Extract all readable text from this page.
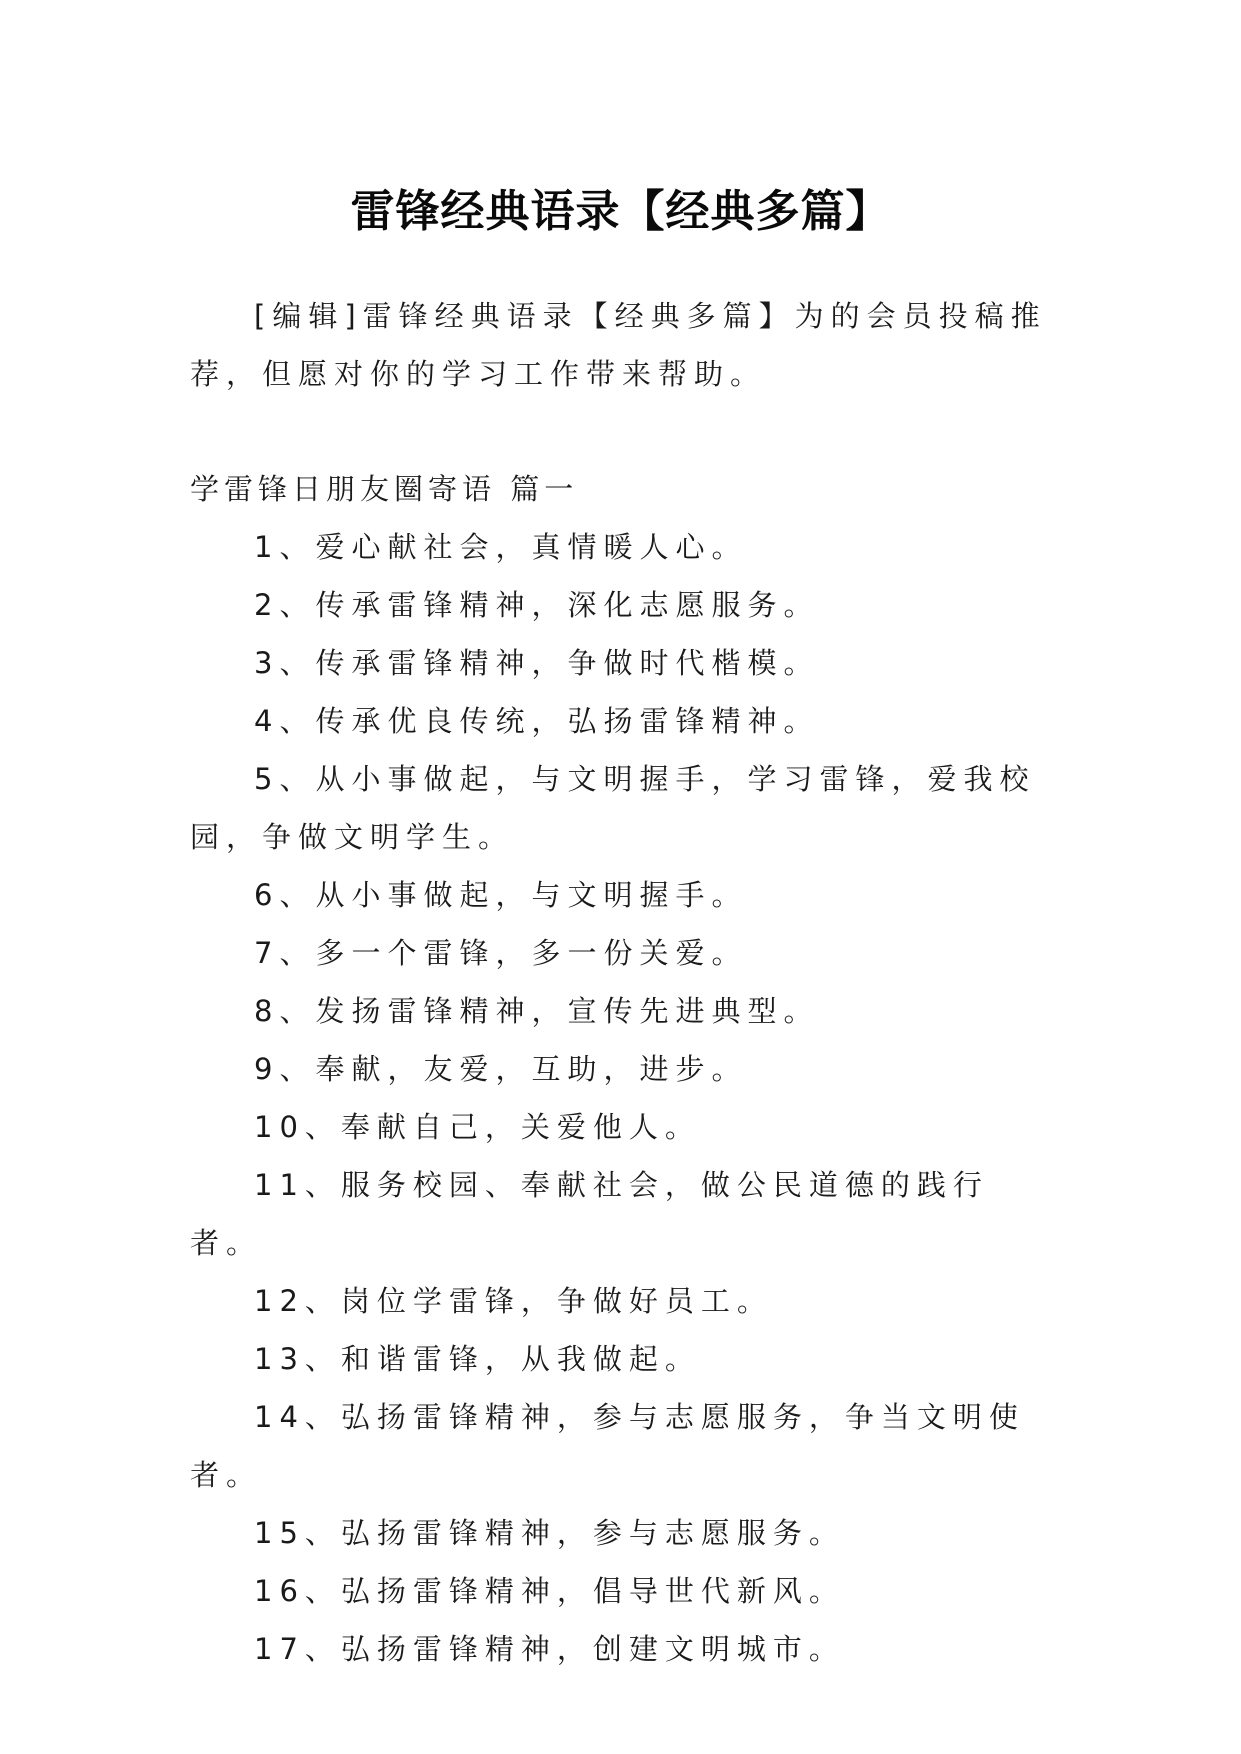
雷锋经典语录【经典多篇】

[编辑]雷锋经典语录【经典多篇】为的会员投稿推荐，但愿对你的学习工作带来帮助。

学雷锋日朋友圈寄语 篇一

1、爱心献社会，真情暖人心。
2、传承雷锋精神，深化志愿服务。
3、传承雷锋精神，争做时代楷模。
4、传承优良传统，弘扬雷锋精神。
5、从小事做起，与文明握手，学习雷锋，爱我校园，争做文明学生。
6、从小事做起，与文明握手。
7、多一个雷锋，多一份关爱。
8、发扬雷锋精神，宣传先进典型。
9、奉献，友爱，互助，进步。
10、奉献自己，关爱他人。
11、服务校园、奉献社会，做公民道德的践行者。
12、岗位学雷锋，争做好员工。
13、和谐雷锋，从我做起。
14、弘扬雷锋精神，参与志愿服务，争当文明使者。
15、弘扬雷锋精神，参与志愿服务。
16、弘扬雷锋精神，倡导世代新风。
17、弘扬雷锋精神，创建文明城市。
